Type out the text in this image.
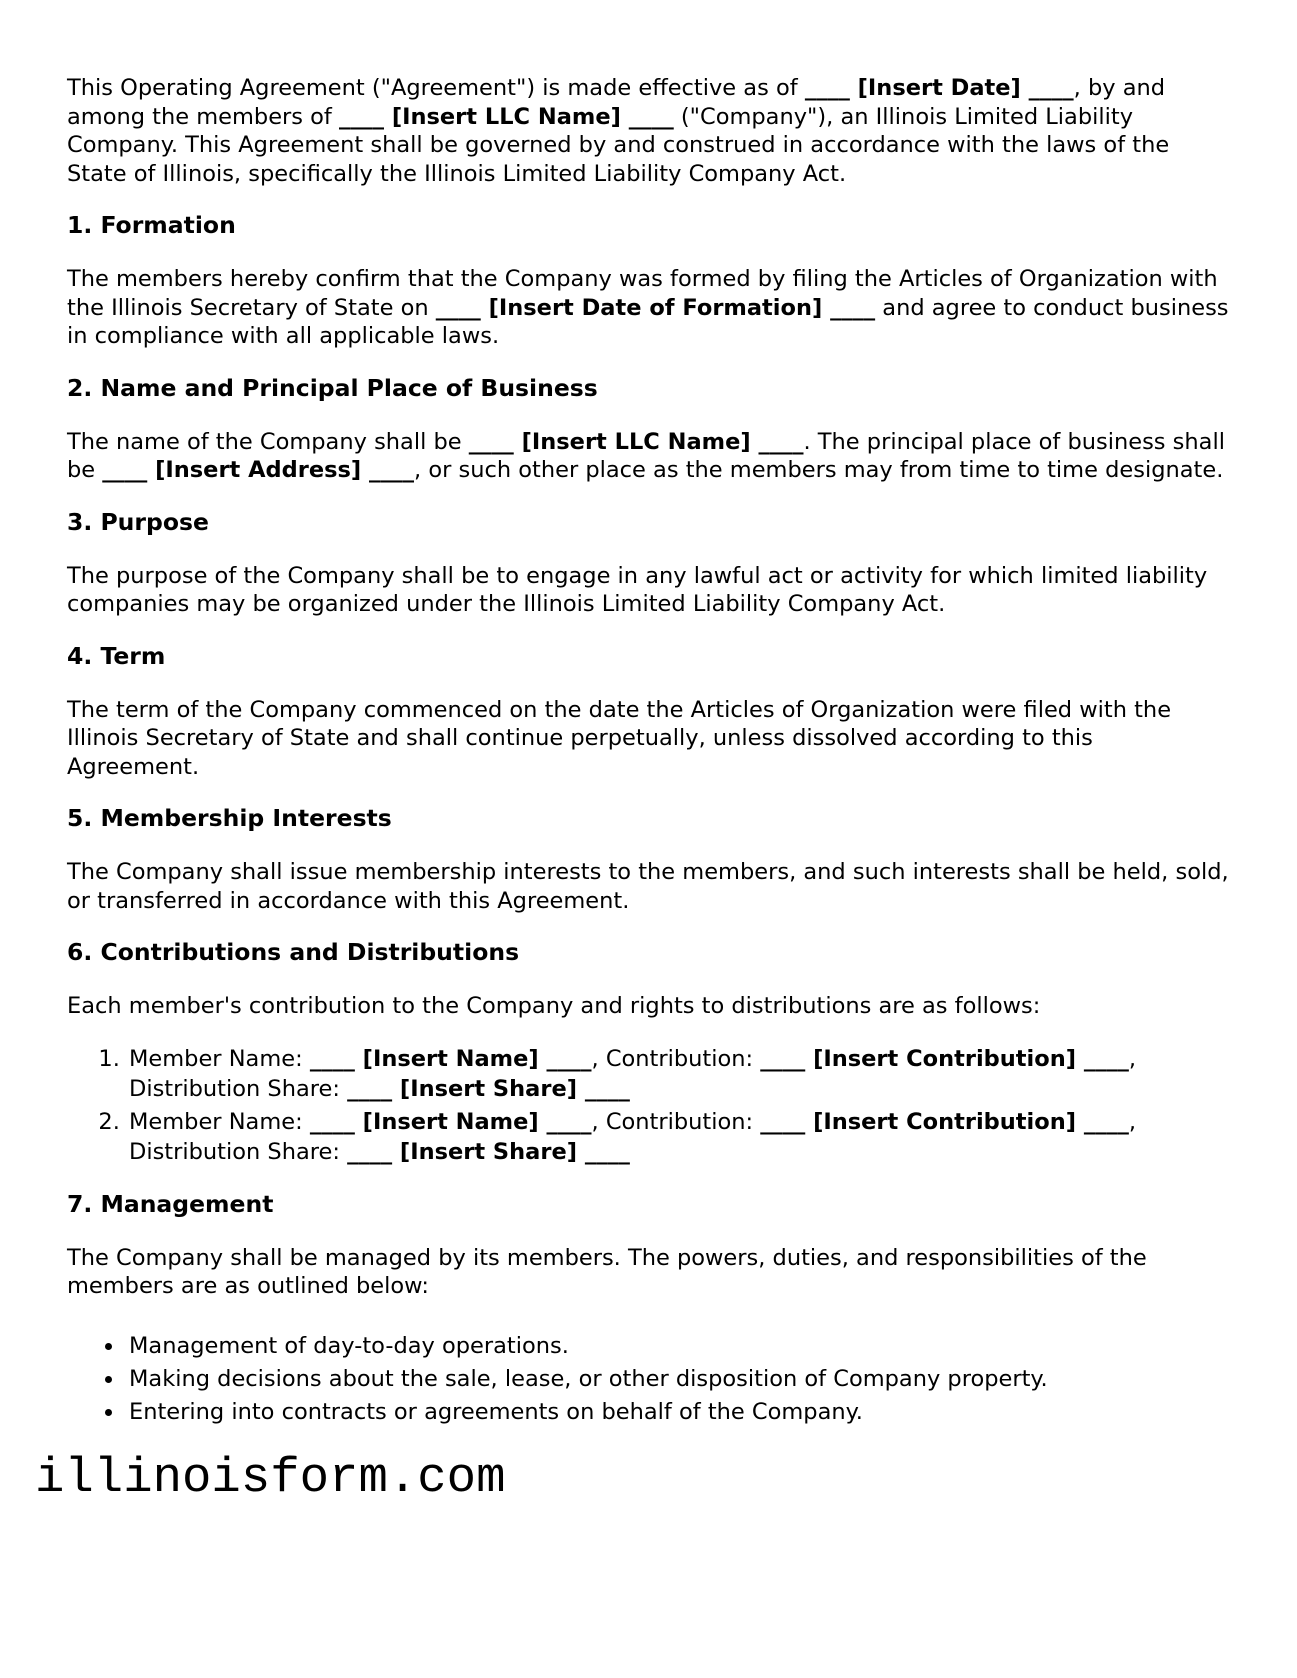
This Operating Agreement ("Agreement") is made effective as of ____ [Insert Date] ____, by and among the members of ____ [Insert LLC Name] ____ ("Company"), an Illinois Limited Liability Company. This Agreement shall be governed by and construed in accordance with the laws of the State of Illinois, specifically the Illinois Limited Liability Company Act.

1. Formation

The members hereby confirm that the Company was formed by filing the Articles of Organization with the Illinois Secretary of State on ____ [Insert Date of Formation] ____ and agree to conduct business in compliance with all applicable laws.

2. Name and Principal Place of Business

The name of the Company shall be ____ [Insert LLC Name] ____. The principal place of business shall be ____ [Insert Address] ____, or such other place as the members may from time to time designate.

3. Purpose

The purpose of the Company shall be to engage in any lawful act or activity for which limited liability companies may be organized under the Illinois Limited Liability Company Act.

4. Term

The term of the Company commenced on the date the Articles of Organization were filed with the Illinois Secretary of State and shall continue perpetually, unless dissolved according to this Agreement.

5. Membership Interests

The Company shall issue membership interests to the members, and such interests shall be held, sold, or transferred in accordance with this Agreement.

6. Contributions and Distributions

Each member's contribution to the Company and rights to distributions are as follows:

1. Member Name: ____ [Insert Name] ____, Contribution: ____ [Insert Contribution] ____, Distribution Share: ____ [Insert Share] ____
2. Member Name: ____ [Insert Name] ____, Contribution: ____ [Insert Contribution] ____, Distribution Share: ____ [Insert Share] ____
7. Management

The Company shall be managed by its members. The powers, duties, and responsibilities of the members are as outlined below:

• Management of day-to-day operations.
• Making decisions about the sale, lease, or other disposition of Company property.
• Entering into contracts or agreements on behalf of the Company.
illinoisform.com
